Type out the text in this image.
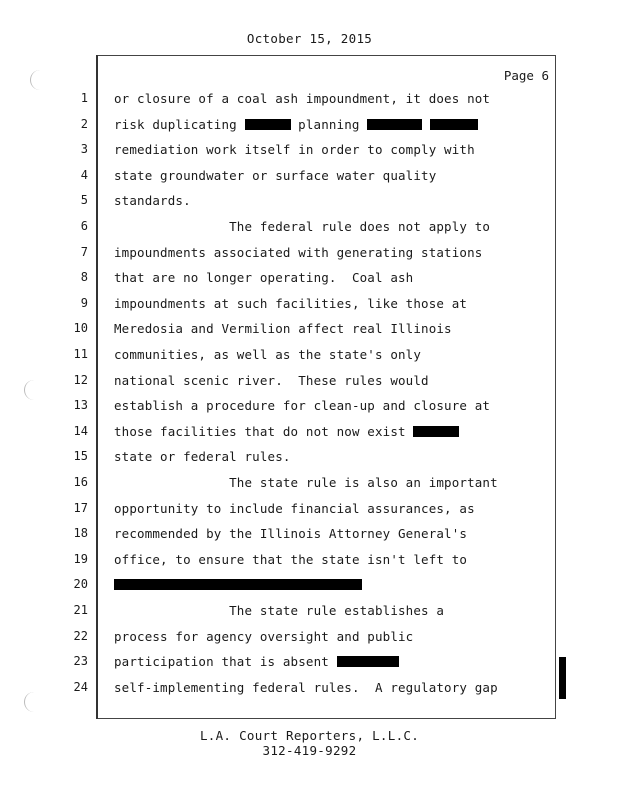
October 15, 2015
Page 6
1 or closure of a coal ash impoundment, it does not
2 risk duplicating	planning
3 remediation work itself in order to comply with
4 state groundwater or surface water quality
5 standards.
6 The federal rule does not apply to
7 impoundments associated with generating stations
8 that are no longer operating.  Coal ash
9 impoundments at such facilities, like those at
10 Meredosia and Vermilion affect real Illinois
11 communities, as well as the state's only
12 national scenic river.  These rules would
13 establish a procedure for clean-up and closure at
14 those facilities that do not now exist
15 state or federal rules.
16 The state rule is also an important
17 opportunity to include financial assurances, as
18 recommended by the Illinois Attorney General's
19 office, to ensure that the state isn't left to
20
21 The state rule establishes a
22 process for agency oversight and public
23 participation that is absent
24 self-implementing federal rules.  A regulatory gap
L.A. Court Reporters, L.L.C.
312-419-9292
